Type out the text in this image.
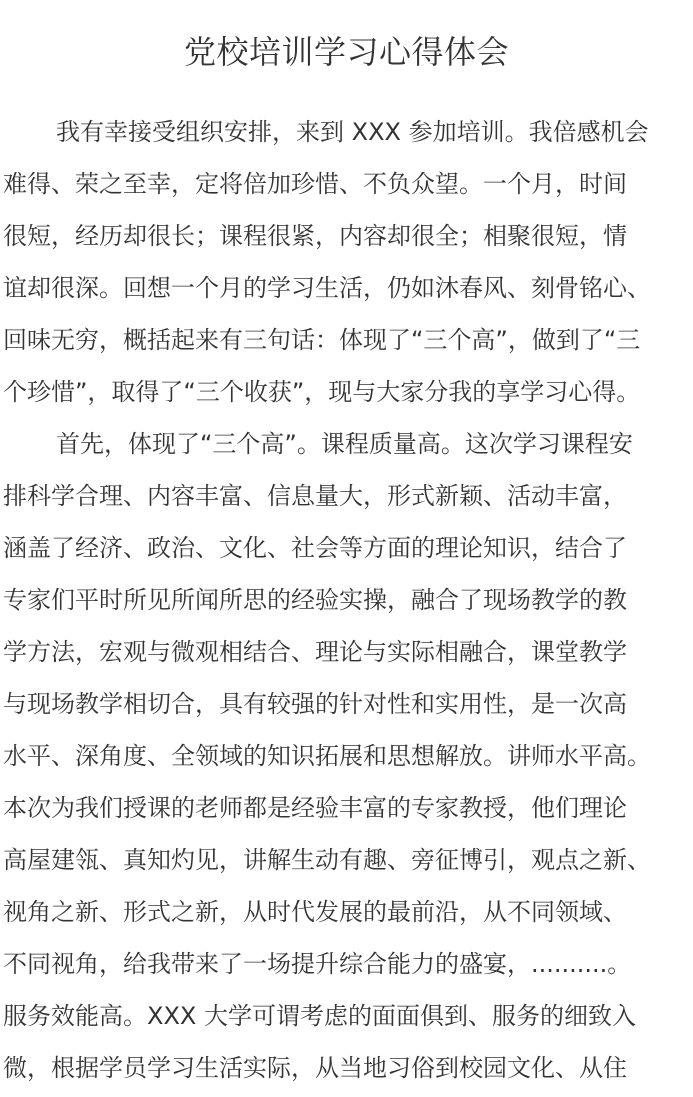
党校培训学习心得体会
我有幸接受组织安排，来到 XXX 参加培训。我倍感机会
难得、荣之至幸，定将倍加珍惜、不负众望。一个月，时间
很短，经历却很长；课程很紧，内容却很全；相聚很短，情
谊却很深。回想一个月的学习生活，仍如沐春风、刻骨铭心、
回味无穷，概括起来有三句话：体现了“三个高”，做到了“三
个珍惜”，取得了“三个收获”，现与大家分我的享学习心得。
首先，体现了“三个高”。课程质量高。这次学习课程安
排科学合理、内容丰富、信息量大，形式新颖、活动丰富，
涵盖了经济、政治、文化、社会等方面的理论知识，结合了
专家们平时所见所闻所思的经验实操，融合了现场教学的教
学方法，宏观与微观相结合、理论与实际相融合，课堂教学
与现场教学相切合，具有较强的针对性和实用性，是一次高
水平、深角度、全领域的知识拓展和思想解放。讲师水平高。
本次为我们授课的老师都是经验丰富的专家教授，他们理论
高屋建瓴、真知灼见，讲解生动有趣、旁征博引，观点之新、
视角之新、形式之新，从时代发展的最前沿，从不同领域、
不同视角，给我带来了一场提升综合能力的盛宴，..........。
服务效能高。XXX 大学可谓考虑的面面俱到、服务的细致入
微，根据学员学习生活实际，从当地习俗到校园文化、从住
